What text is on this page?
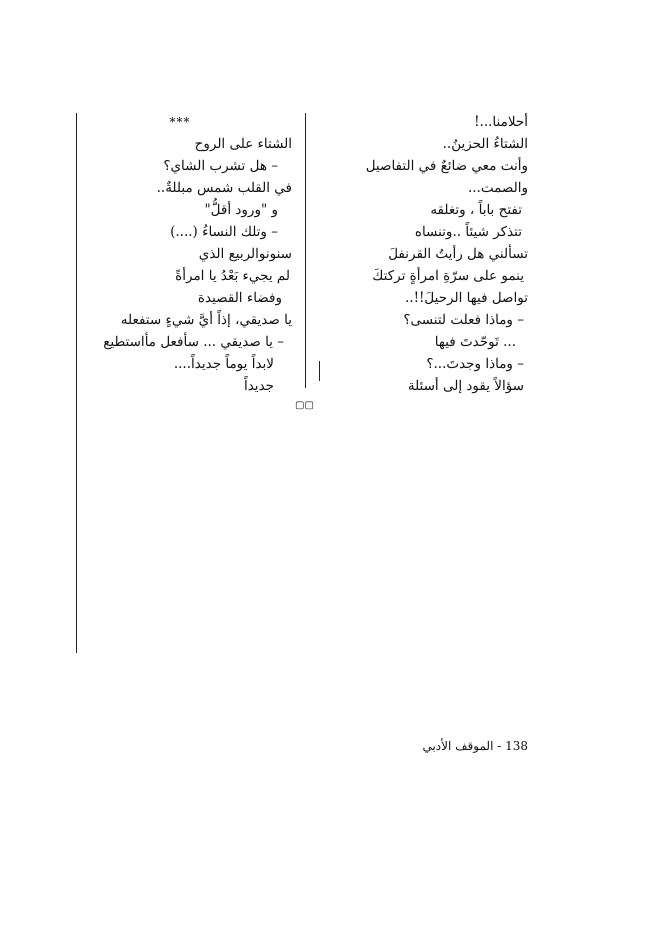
أحلامنا...!
الشتاءُ الحزينُ..
وأنت معي ضائعٌ في التفاصيل
والصمت...
تفتح باباً ، وتغلقه
تتذكر شيئاً ..وتنساه
تسألني هل رأيتُ القرنفلَ
ينمو على سرّةِ امرأةٍ تركتكَ
تواصل فيها الرحيلَ!!..
– وماذا فعلت لتنسى؟
... تَوحّدتَ فيها
– وماذا وجدتَ...؟
سؤالاً يقود إلى أسئلة
***
الشتاء على الروح
– هل تشرب الشاي؟
في القلب شمس مبللةٌ..
و "ورود أقلُّ"
– وتلك النساءُ (....)
سنونوالربيع الذي
لم يجيء بَعْدُ يا امرأةً
وفضاء القصيدة
يا صديقي، إذاً أيَّ شيءٍ ستفعله
– يا صديقي ... سأفعل مأاستطيع
لابداً يوماً جديداً....
جديداً
▢▢
138 - الموقف الأدبي
